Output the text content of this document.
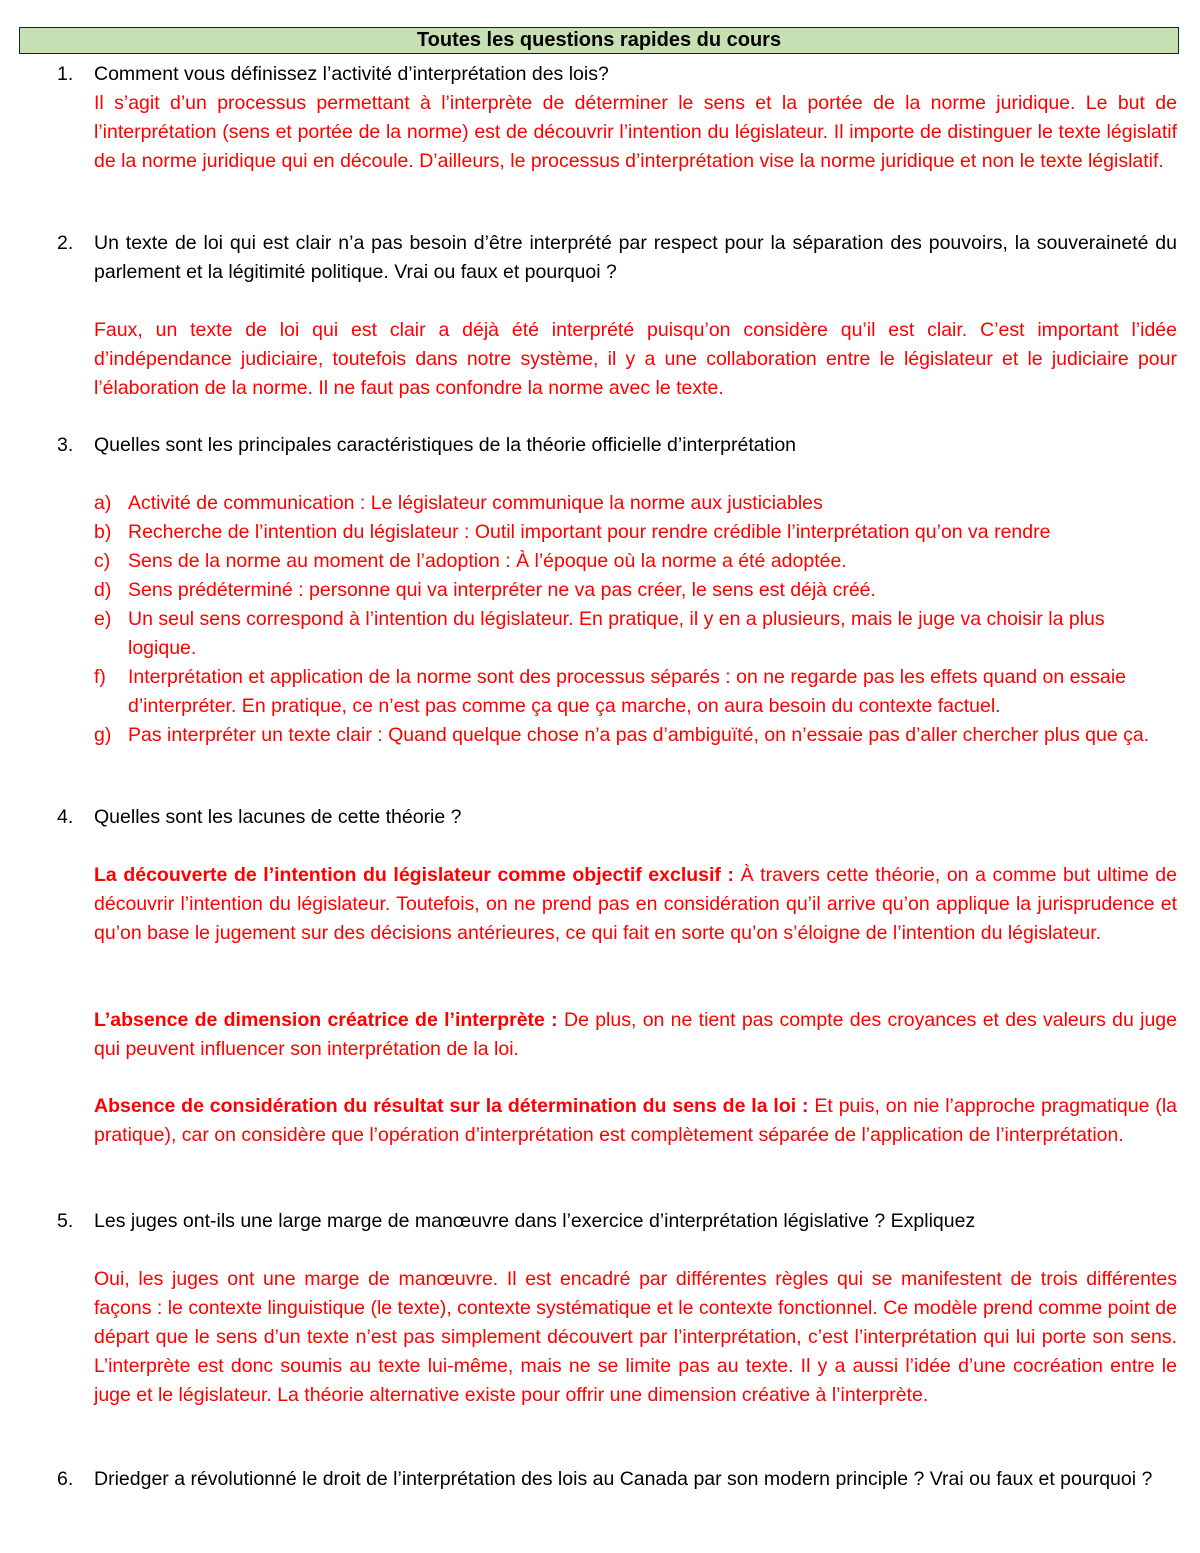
Toutes les questions rapides du cours
1. Comment vous définissez l’activité d’interprétation des lois?
Il s’agit d’un processus permettant à l’interprète de déterminer le sens et la portée de la norme juridique. Le but de l’interprétation (sens et portée de la norme) est de découvrir l’intention du législateur. Il importe de distinguer le texte législatif de la norme juridique qui en découle. D’ailleurs, le processus d’interprétation vise la norme juridique et non le texte législatif.
2. Un texte de loi qui est clair n’a pas besoin d’être interprété par respect pour la séparation des pouvoirs, la souveraineté du parlement et la légitimité politique. Vrai ou faux et pourquoi ?
Faux, un texte de loi qui est clair a déjà été interprété puisqu’on considère qu’il est clair. C’est important l’idée d’indépendance judiciaire, toutefois dans notre système, il y a une collaboration entre le législateur et le judiciaire pour l’élaboration de la norme. Il ne faut pas confondre la norme avec le texte.
3. Quelles sont les principales caractéristiques de la théorie officielle d’interprétation
a) Activité de communication : Le législateur communique la norme aux justiciables
b) Recherche de l’intention du législateur : Outil important pour rendre crédible l’interprétation qu’on va rendre
c) Sens de la norme au moment de l’adoption : À l’époque où la norme a été adoptée.
d) Sens prédéterminé : personne qui va interpréter ne va pas créer, le sens est déjà créé.
e) Un seul sens correspond à l’intention du législateur. En pratique, il y en a plusieurs, mais le juge va choisir la plus logique.
f) Interprétation et application de la norme sont des processus séparés : on ne regarde pas les effets quand on essaie d’interpréter. En pratique, ce n’est pas comme ça que ça marche, on aura besoin du contexte factuel.
g) Pas interpréter un texte clair : Quand quelque chose n’a pas d’ambiguïté, on n’essaie pas d’aller chercher plus que ça.
4. Quelles sont les lacunes de cette théorie ?
La découverte de l’intention du législateur comme objectif exclusif : À travers cette théorie, on a comme but ultime de découvrir l’intention du législateur. Toutefois, on ne prend pas en considération qu’il arrive qu’on applique la jurisprudence et qu’on base le jugement sur des décisions antérieures, ce qui fait en sorte qu’on s’éloigne de l’intention du législateur.
L’absence de dimension créatrice de l’interprète : De plus, on ne tient pas compte des croyances et des valeurs du juge qui peuvent influencer son interprétation de la loi.
Absence de considération du résultat sur la détermination du sens de la loi : Et puis, on nie l’approche pragmatique (la pratique), car on considère que l’opération d’interprétation est complètement séparée de l’application de l’interprétation.
5. Les juges ont-ils une large marge de manœuvre dans l’exercice d’interprétation législative ? Expliquez
Oui, les juges ont une marge de manœuvre. Il est encadré par différentes règles qui se manifestent de trois différentes façons : le contexte linguistique (le texte), contexte systématique et le contexte fonctionnel. Ce modèle prend comme point de départ que le sens d’un texte n’est pas simplement découvert par l’interprétation, c’est l’interprétation qui lui porte son sens. L’interprète est donc soumis au texte lui-même, mais ne se limite pas au texte. Il y a aussi l’idée d’une cocréation entre le juge et le législateur. La théorie alternative existe pour offrir une dimension créative à l’interprète.
6. Driedger a révolutionné le droit de l’interprétation des lois au Canada par son modern principle ? Vrai ou faux et pourquoi ?
